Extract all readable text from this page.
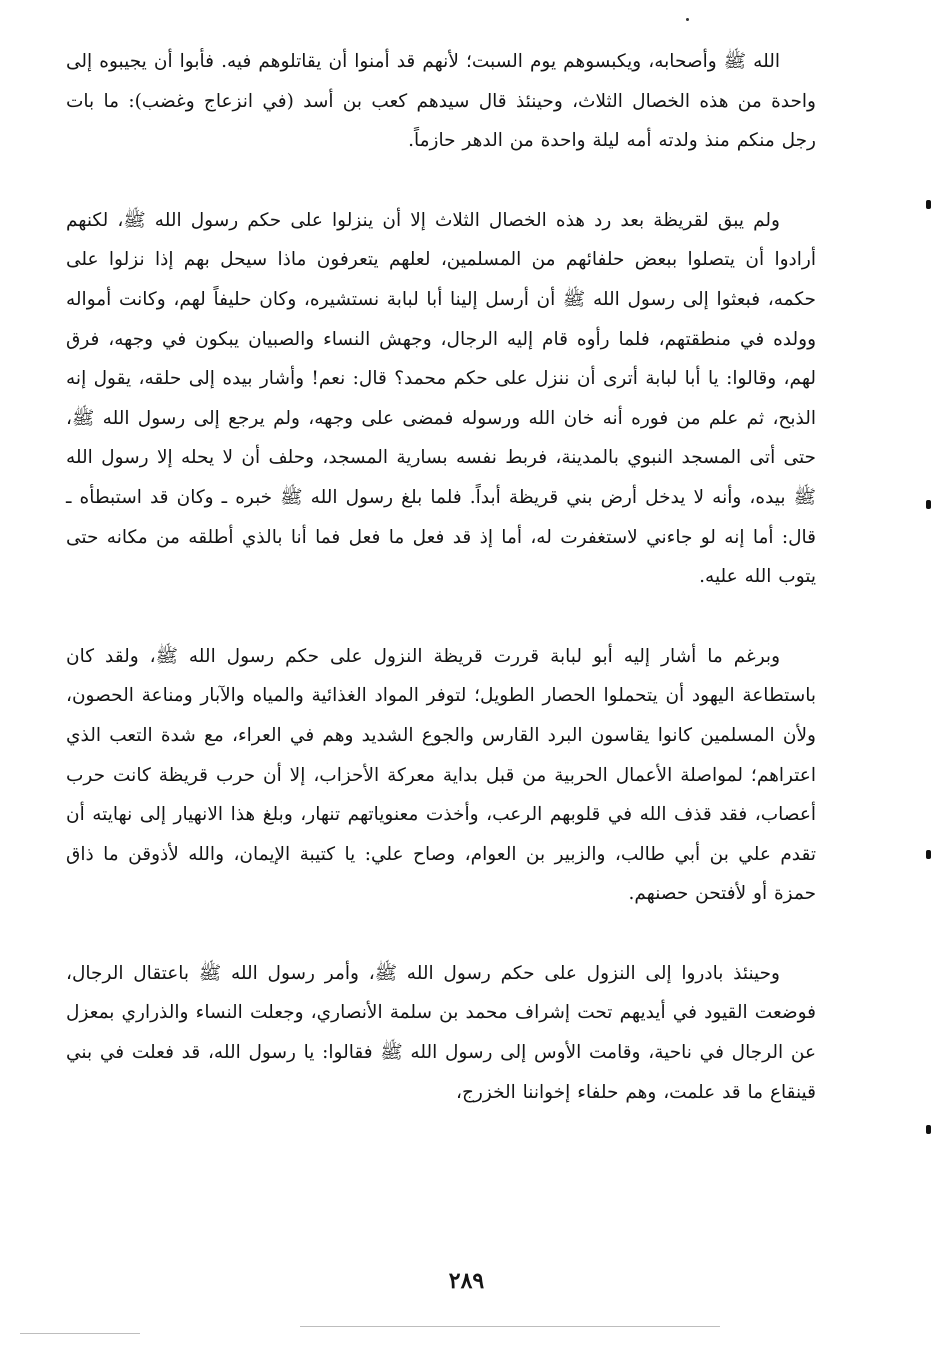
الله ﷺ وأصحابه، ويكبسوهم يوم السبت؛ لأنهم قد أمنوا أن يقاتلوهم فيه. فأبوا أن يجيبوه إلى واحدة من هذه الخصال الثلاث، وحينئذ قال سيدهم كعب بن أسد (في انزعاج وغضب): ما بات رجل منكم منذ ولدته أمه ليلة واحدة من الدهر حازماً.

ولم يبق لقريظة بعد رد هذه الخصال الثلاث إلا أن ينزلوا على حكم رسول الله ﷺ، لكنهم أرادوا أن يتصلوا ببعض حلفائهم من المسلمين، لعلهم يتعرفون ماذا سيحل بهم إذا نزلوا على حكمه، فبعثوا إلى رسول الله ﷺ أن أرسل إلينا أبا لبابة نستشيره، وكان حليفاً لهم، وكانت أمواله وولده في منطقتهم، فلما رأوه قام إليه الرجال، وجهش النساء والصبيان يبكون في وجهه، فرق لهم، وقالوا: يا أبا لبابة أترى أن ننزل على حكم محمد؟ قال: نعم! وأشار بيده إلى حلقه، يقول إنه الذبح، ثم علم من فوره أنه خان الله ورسوله فمضى على وجهه، ولم يرجع إلى رسول الله ﷺ، حتى أتى المسجد النبوي بالمدينة، فربط نفسه بسارية المسجد، وحلف أن لا يحله إلا رسول الله ﷺ بيده، وأنه لا يدخل أرض بني قريظة أبداً. فلما بلغ رسول الله ﷺ خبره ـ وكان قد استبطأه ـ قال: أما إنه لو جاءني لاستغفرت له، أما إذ قد فعل ما فعل فما أنا بالذي أطلقه من مكانه حتى يتوب الله عليه.

وبرغم ما أشار إليه أبو لبابة قررت قريظة النزول على حكم رسول الله ﷺ، ولقد كان باستطاعة اليهود أن يتحملوا الحصار الطويل؛ لتوفر المواد الغذائية والمياه والآبار ومناعة الحصون، ولأن المسلمين كانوا يقاسون البرد القارس والجوع الشديد وهم في العراء، مع شدة التعب الذي اعتراهم؛ لمواصلة الأعمال الحربية من قبل بداية معركة الأحزاب، إلا أن حرب قريظة كانت حرب أعصاب، فقد قذف الله في قلوبهم الرعب، وأخذت معنوياتهم تنهار، وبلغ هذا الانهيار إلى نهايته أن تقدم علي بن أبي طالب، والزبير بن العوام، وصاح علي: يا كتيبة الإيمان، والله لأذوقن ما ذاق حمزة أو لأفتحن حصنهم.

وحينئذ بادروا إلى النزول على حكم رسول الله ﷺ، وأمر رسول الله ﷺ باعتقال الرجال، فوضعت القيود في أيديهم تحت إشراف محمد بن سلمة الأنصاري، وجعلت النساء والذراري بمعزل عن الرجال في ناحية، وقامت الأوس إلى رسول الله ﷺ فقالوا: يا رسول الله، قد فعلت في بني قينقاع ما قد علمت، وهم حلفاء إخواننا الخزرج،

٢٨٩
